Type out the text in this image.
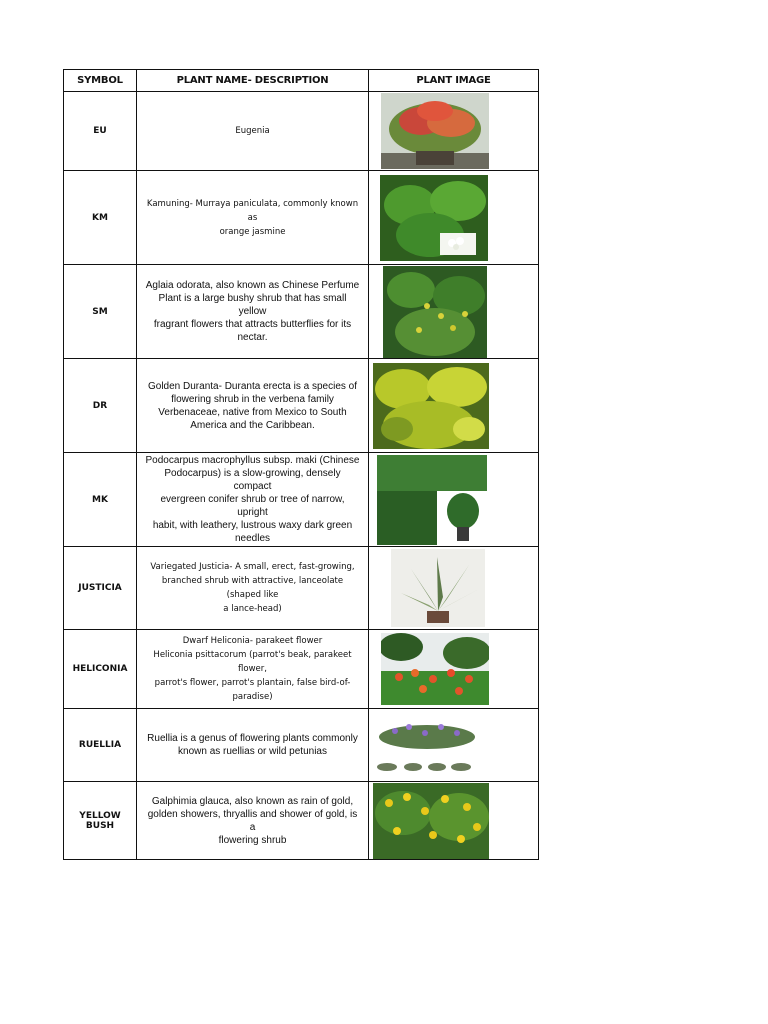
SYMBOL	PLANT NAME- DESCRIPTION	PLANT IMAGE
EU	Eugenia

KM	Kamuning- Murraya paniculata, commonly known as
orange jasmine

SM	Aglaia odorata, also known as Chinese Perfume
Plant is a large bushy shrub that has small yellow
fragrant flowers that attracts butterflies for its
nectar.

DR	Golden Duranta- Duranta erecta is a species of
flowering shrub in the verbena family
Verbenaceae, native from Mexico to South
America and the Caribbean.

MK	Podocarpus macrophyllus subsp. maki (Chinese
Podocarpus) is a slow-growing, densely compact
evergreen conifer shrub or tree of narrow, upright
habit, with leathery, lustrous waxy dark green
needles

JUSTICIA	Variegated Justicia- A small, erect, fast-growing,
branched shrub with attractive, lanceolate (shaped like
a lance-head)

HELICONIA	Dwarf Heliconia- parakeet flower
Heliconia psittacorum (parrot's beak, parakeet flower,
parrot's flower, parrot's plantain, false bird-of-paradise)

RUELLIA	Ruellia is a genus of flowering plants commonly
known as ruellias or wild petunias

YELLOW BUSH	Galphimia glauca, also known as rain of gold,
golden showers, thryallis and shower of gold, is a
flowering shrub
